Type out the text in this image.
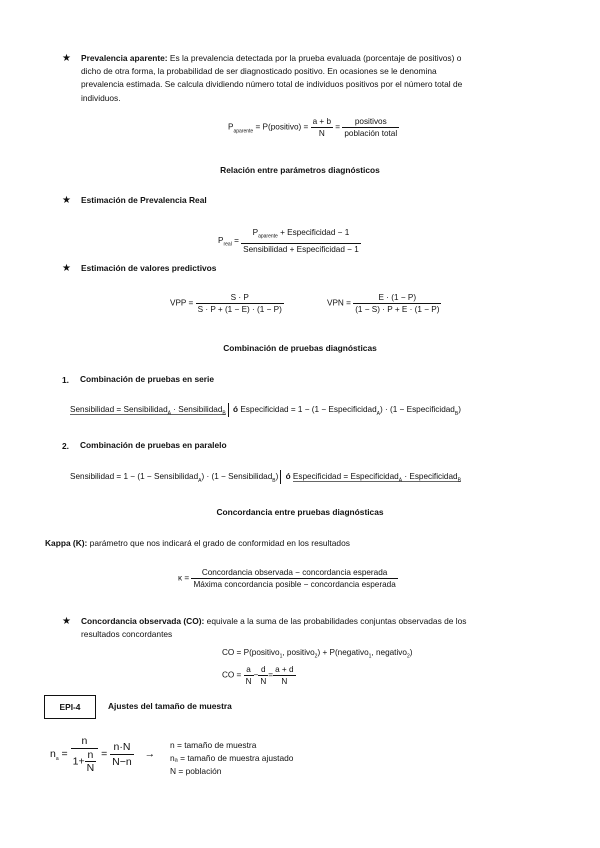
★ Prevalencia aparente: Es la prevalencia detectada por la prueba evaluada (porcentaje de positivos) o
dicho de otra forma, la probabilidad de ser diagnosticado positivo. En ocasiones se le denomina
prevalencia estimada. Se calcula dividiendo número total de individuos positivos por el número total de
individuos.
$P_{aparente}$ = P(positivo) = $\frac{a + b}{N} = \frac{\text{positivos}}{\text{población total}}$
Relación entre parámetros diagnósticos
★ Estimación de Prevalencia Real
$P_{real} = \frac{P_{aparente} + Especificidad - 1}{\text{Sensibilidad + Especificidad − 1}}$
★ Estimación de valores predictivos
VPP = $\frac{S \cdot P}{S \cdot P + (1 - E) \cdot (1 - P)}$	VPN = $\frac{E \cdot (1 - P)}{(1 - S) \cdot P + E \cdot (1 - P)}$
Combinación de pruebas diagnósticas
1. Combinación de pruebas en serie
Sensibilidad = Sensibilidad$_A$ · Sensibilidad$_B$ ó Especificidad = 1 − (1 − Especificidad$_A$) · (1 − Especificidad$_B$)
2. Combinación de pruebas en paralelo
Sensibilidad = 1 − (1 − Sensibilidad$_A$) · (1 − Sensibilidad$_B$) ó Especificidad = Especificidad$_A$ · Especificidad$_B$
Concordancia entre pruebas diagnósticas
Kappa (K): parámetro que nos indicará el grado de conformidad en los resultados
$\kappa = \frac{\text{Concordancia observada − concordancia esperada}}{\text{Máxima concordancia posible − concordancia esperada}}$
★ Concordancia observada (CO): equivale a la suma de las probabilidades conjuntas observadas de los
resultados concordantes
CO = P(positivo$_1$, positivo$_2$) + P(negativo$_1$, negativo$_2$)
CO = $\frac{a}{N} - \frac{d}{N} = \frac{a + d}{N}$
EPI-4	Ajustes del tamaño de muestra
$n_a = \frac{n}{1+ \frac{n}{N}} = \frac{n\cdot N}{N-n}$ →
n = tamaño de muestra
nₐ = tamaño de muestra ajustado
N = población
